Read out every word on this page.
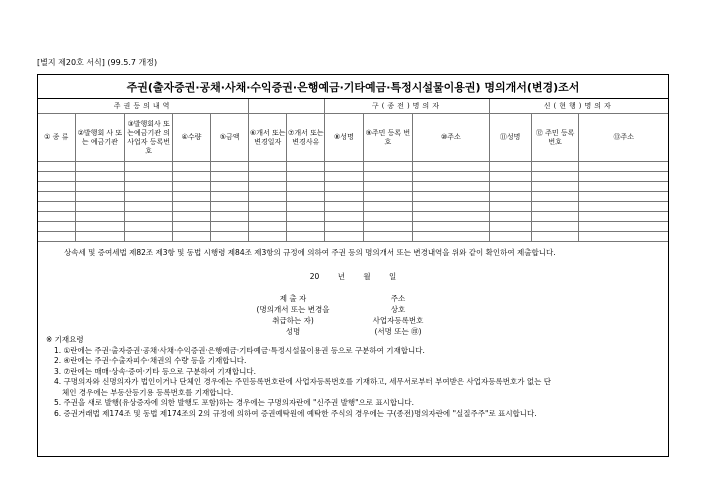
[별지 제20호 서식] (99.5.7 개정)
주권(출자증권·공채·사채·수익증권·은행예금·기타예금·특정시설물이용권) 명의개서(변경)조서
주권등의내역							구(종전)명의자			신(현행)명의자		
① 종 류	②발행회 사 또는 예금기관	③발행회사 또는예금기관 의 사업자 등록번호	④수량	⑤금액	⑥개서 또는 변경일자	⑦개서 또는 변경사유	⑧성명	⑨주민 등록 번호	⑩주소	⑪성명	⑫ 주민 등록 번호	⑬주소

상속세 및 증여세법 제82조 제3항 및 동법 시행령 제84조 제3항의 규정에 의하여 주권 등의 명의개서 또는 변경내역을 위와 같이 확인하여 제출합니다.
20 년 월 일
제 출 자
(명의개서 또는 변경을
취급하는 자)
성명
주소
상호
사업자등록번호
(서명 또는 ㊞)
※ 기재요령
1. ①란에는 주권·출자증권·공채·사채·수익증권·은행예금·기타예금·특정시설물이용권 등으로 구분하여 기재합니다.
2. ④란에는 주권·수출자피수·채권의 수량 등을 기재합니다.
3. ⑦란에는 매매·상속·증여·기타 등으로 구분하여 기재합니다.
4. 구명의자와 신명의자가 법인이거나 단체인 경우에는 주민등록번호란에 사업자등록번호를 기재하고, 세무서로부터 부여받은 사업자등록번호가 없는 단
체인 경우에는 부동산등기용 등록번호를 기재합니다.
5. 주권을 새로 발행(유상증자에 의한 발행도 포함)하는 경우에는 구명의자란에 "신주권 발행"으로 표시합니다.
6. 증권거래법 제174조 및 동법 제174조의 2의 규정에 의하여 증권예탁원에 예탁한 주식의 경우에는 구(종전)명의자란에 "실질주주"로 표시합니다.
